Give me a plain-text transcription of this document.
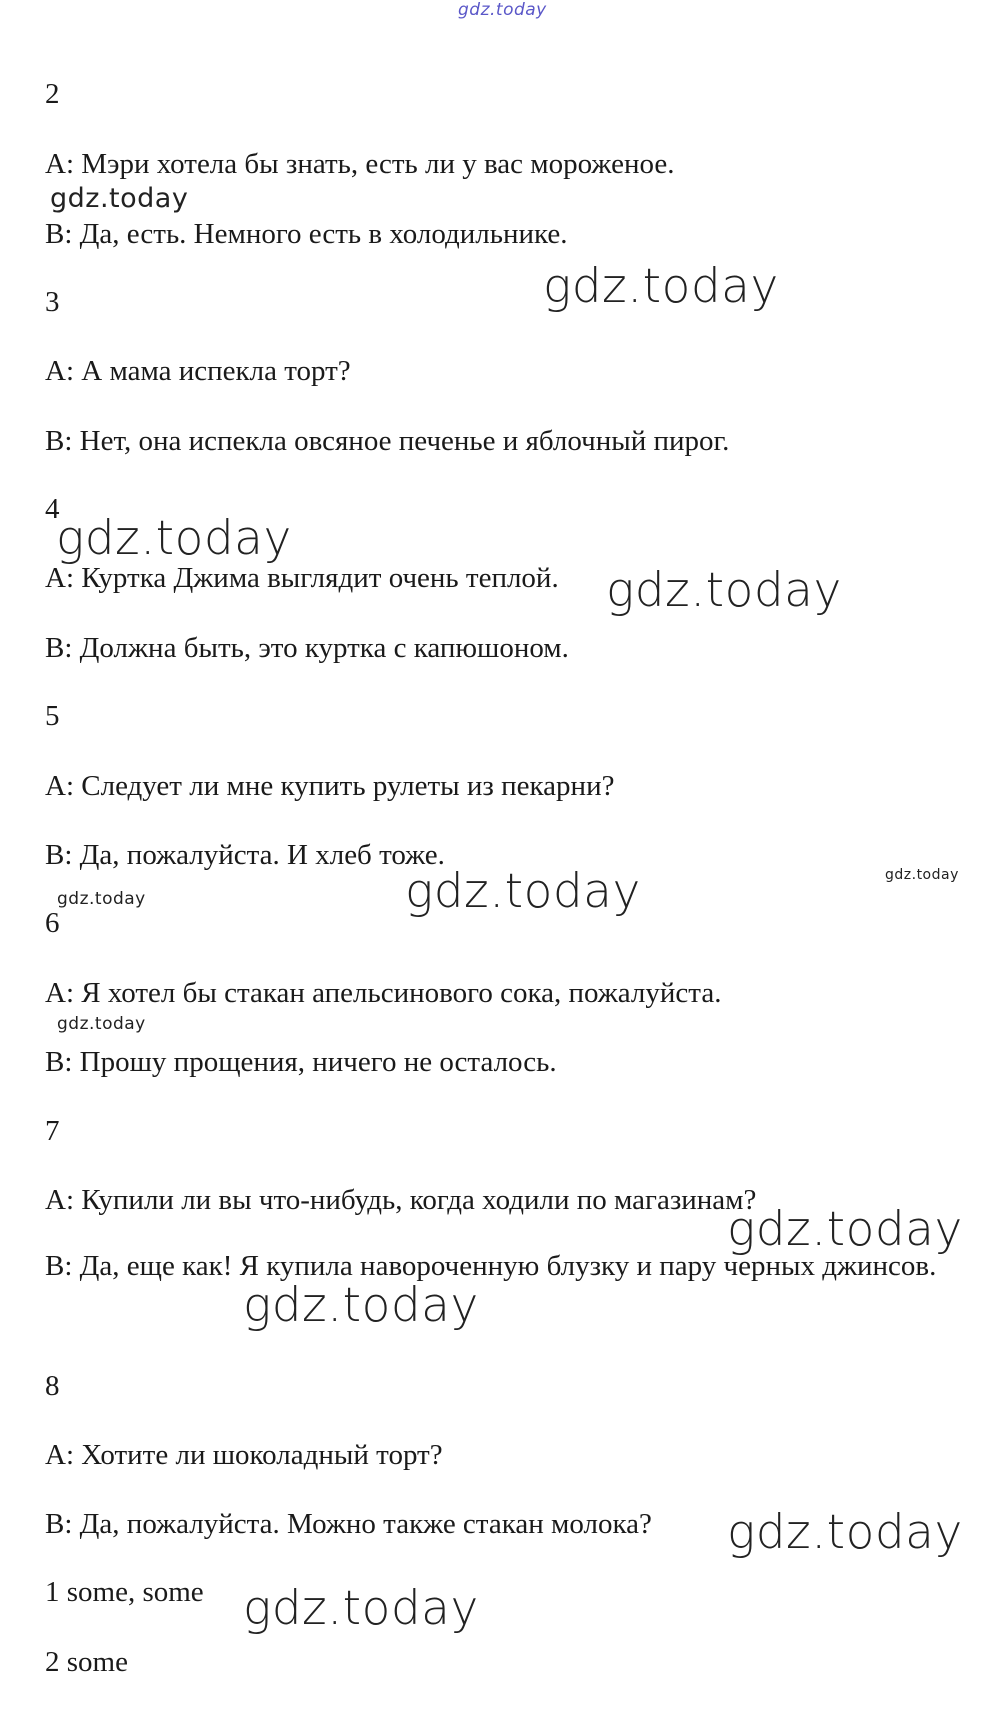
gdz.today
2
А: Мэри хотела бы знать, есть ли у вас мороженое.
В: Да, есть. Немного есть в холодильнике.
3
А: А мама испекла торт?
В: Нет, она испекла овсяное печенье и яблочный пирог.
4
А: Куртка Джима выглядит очень теплой.
В: Должна быть, это куртка с капюшоном.
5
А: Следует ли мне купить рулеты из пекарни?
В: Да, пожалуйста. И хлеб тоже.
6
А: Я хотел бы стакан апельсинового сока, пожалуйста.
В: Прошу прощения, ничего не осталось.
7
А: Купили ли вы что-нибудь, когда ходили по магазинам?
В: Да, еще как! Я купила навороченную блузку и пару черных джинсов.
8
А: Хотите ли шоколадный торт?
В: Да, пожалуйста. Можно также стакан молока?
1 some, some
2 some
gdz.today
gdz.today
gdz.today
gdz.today
gdz.today	gdz.today
gdz.today
gdz.today
gdz.today
gdz.today
gdz.today
gdz.today
